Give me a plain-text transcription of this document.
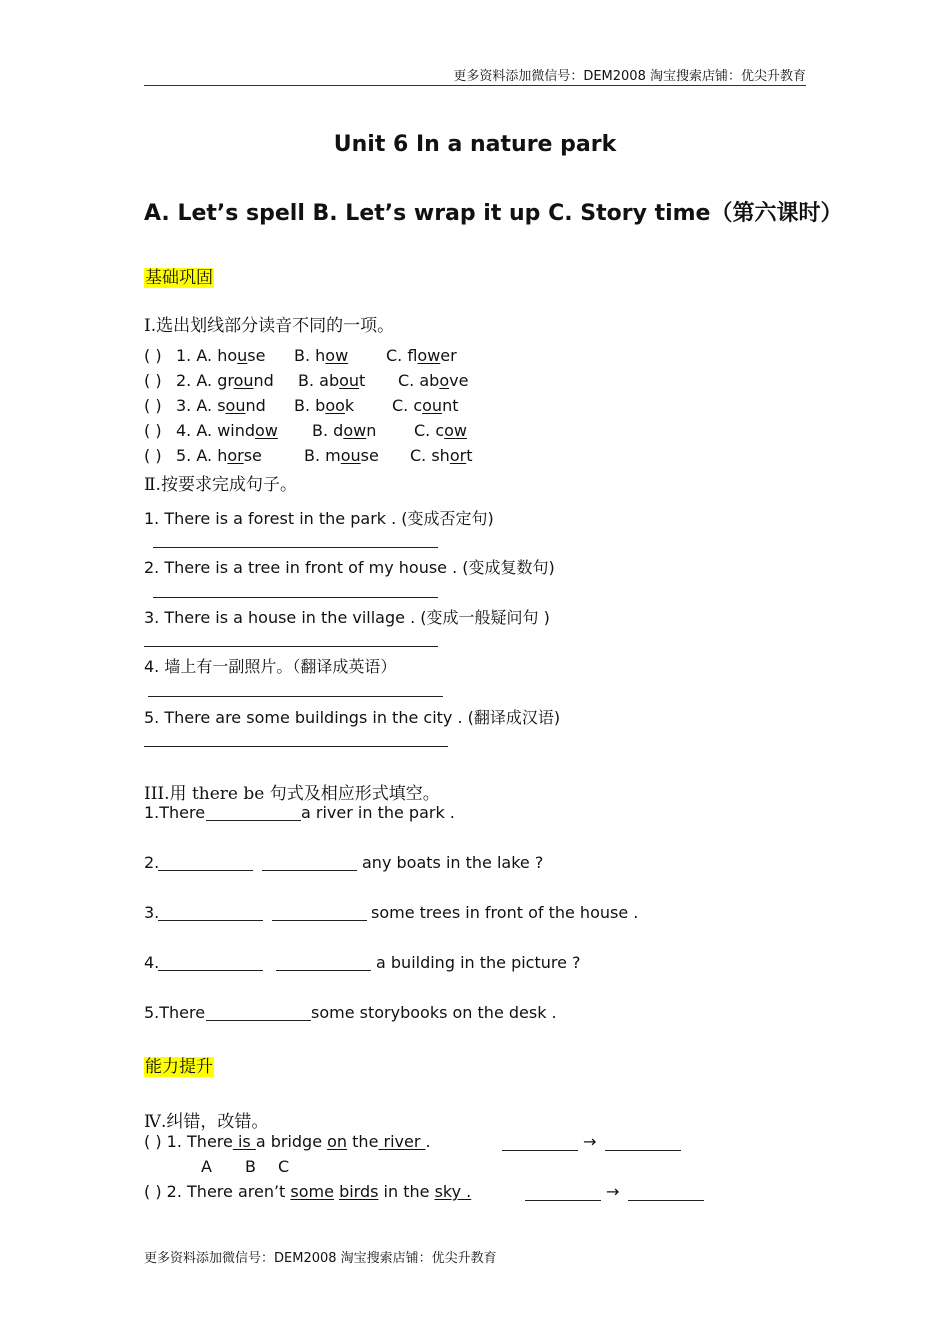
更多资料添加微信号：DEM2008 淘宝搜索店铺：优尖升教育
Unit 6 In a nature park
A. Let’s spell B. Let’s wrap it up C. Story time（第六课时）
基础巩固
Ⅰ.选出划线部分读音不同的一项。
( ) 1. A. house B. how C. flower
( ) 2. A. ground B. about C. above
( ) 3. A. sound B. book C. count
( ) 4. A. window B. down C. cow
( ) 5. A. horse	B. mouse C. short
Ⅱ.按要求完成句子。
1. There is a forest in the park . (变成否定句)
2. There is a tree in front of my house . (变成复数句)
3. There is a house in the village . (变成一般疑问句 )
4. 墙上有一副照片。（翻译成英语）
5. There are some buildings in the city . (翻译成汉语)
III.用 there be 句式及相应形式填空。
1.There	a river in the park .
2.	any boats in the lake ?
3.	some trees in front of the house .
4.	a building in the picture ?
5.There	some storybooks on the desk .
能力提升
Ⅳ.纠错，改错。
( ) 1. There is a bridge on the river .	→
A B C
( ) 2. There aren’t some birds in the sky .	→
更多资料添加微信号：DEM2008 淘宝搜索店铺：优尖升教育
